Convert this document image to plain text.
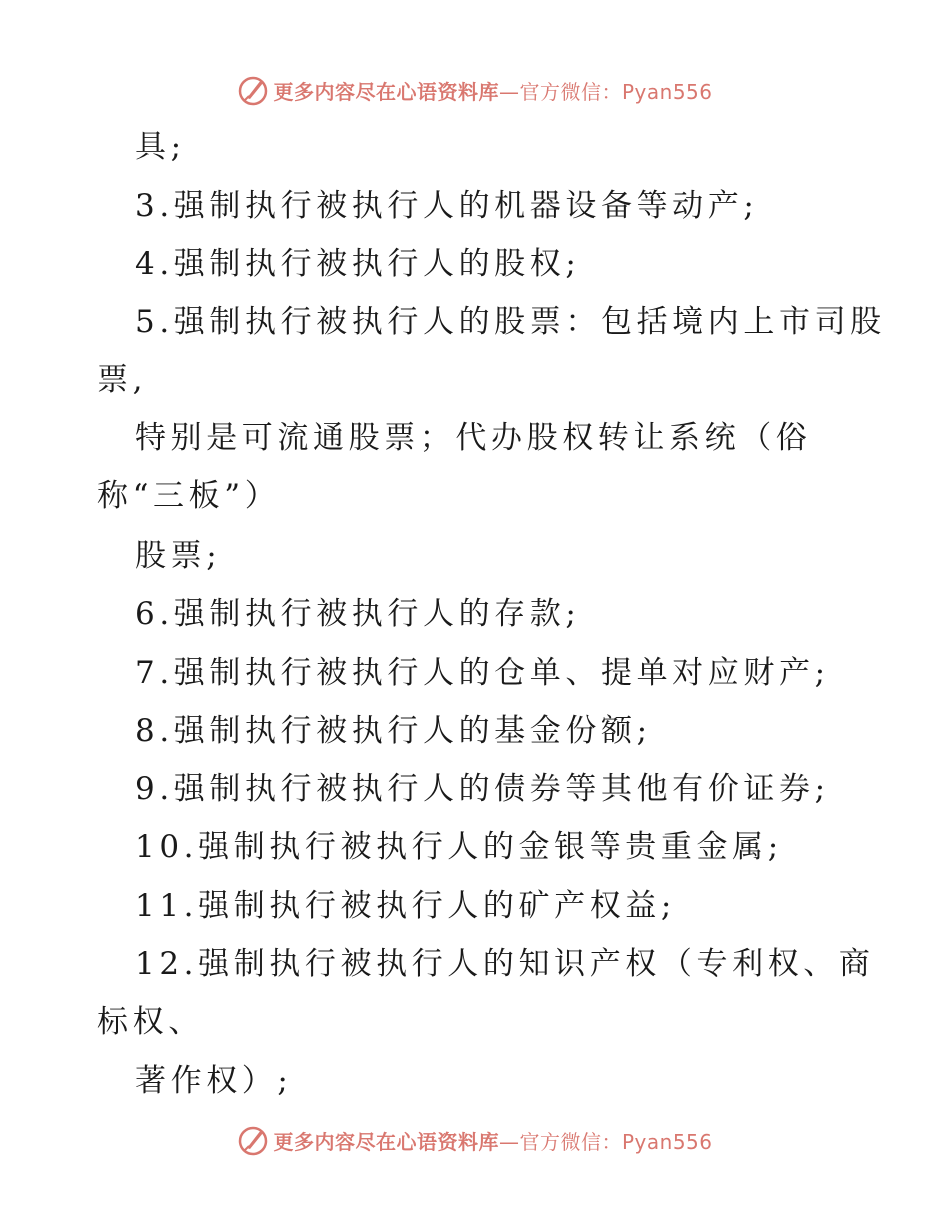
更多内容尽在心语资料库—官方微信：Pyan556
具;
3.强制执行被执行人的机器设备等动产;
4.强制执行被执行人的股权;
5.强制执行被执行人的股票：包括境内上市司股
票,
特别是可流通股票；代办股权转让系统（俗
称“三板”）
股票;
6.强制执行被执行人的存款;
7.强制执行被执行人的仓单、提单对应财产;
8.强制执行被执行人的基金份额;
9.强制执行被执行人的债券等其他有价证券;
10.强制执行被执行人的金银等贵重金属;
11.强制执行被执行人的矿产权益;
12.强制执行被执行人的知识产权（专利权、商
标权、
著作权）;
更多内容尽在心语资料库—官方微信：Pyan556
